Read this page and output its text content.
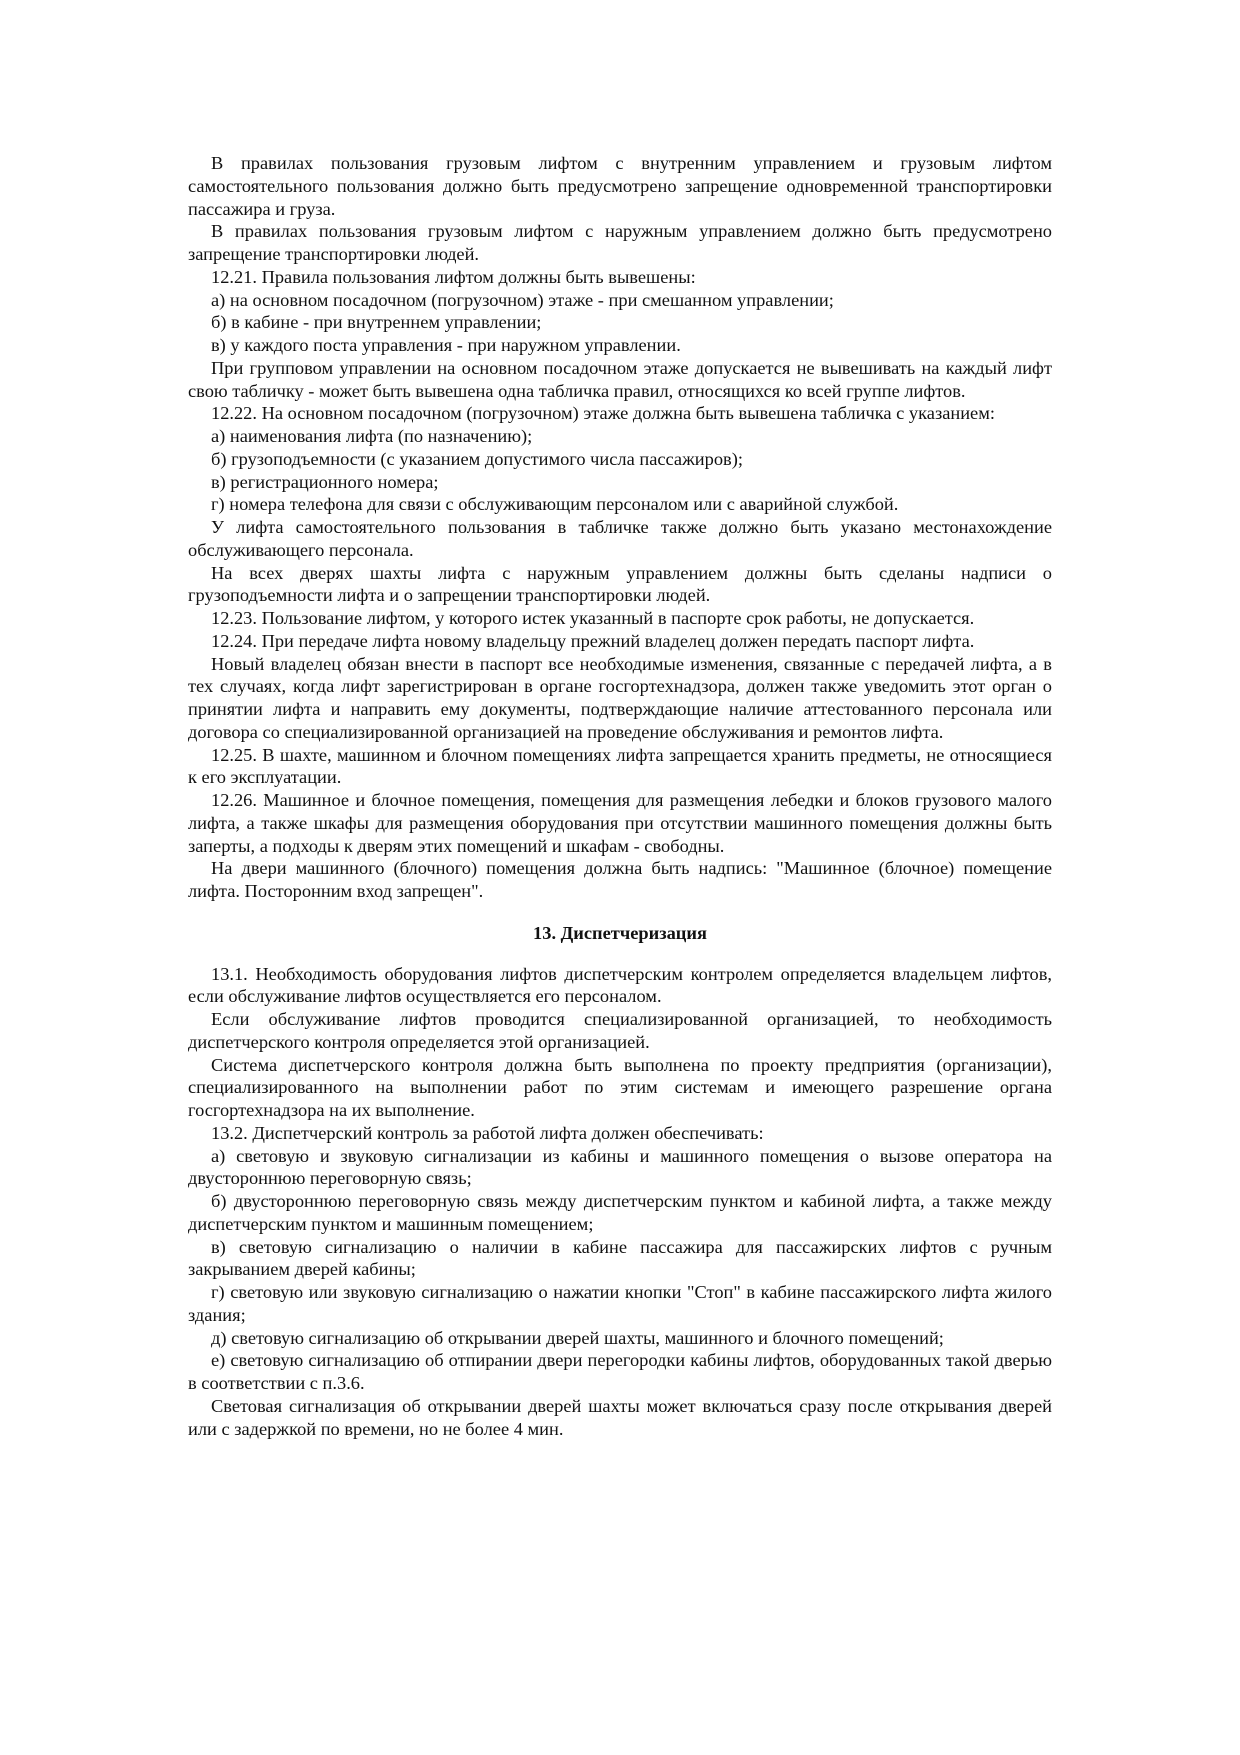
В правилах пользования грузовым лифтом с внутренним управлением и грузовым лифтом самостоятельного пользования должно быть предусмотрено запрещение одновременной транспортировки пассажира и груза.

В правилах пользования грузовым лифтом с наружным управлением должно быть предусмотрено запрещение транспортировки людей.

12.21. Правила пользования лифтом должны быть вывешены:

а) на основном посадочном (погрузочном) этаже - при смешанном управлении;

б) в кабине - при внутреннем управлении;

в) у каждого поста управления - при наружном управлении.

При групповом управлении на основном посадочном этаже допускается не вывешивать на каждый лифт свою табличку - может быть вывешена одна табличка правил, относящихся ко всей группе лифтов.

12.22. На основном посадочном (погрузочном) этаже должна быть вывешена табличка с указанием:

а) наименования лифта (по назначению);

б) грузоподъемности (с указанием допустимого числа пассажиров);

в) регистрационного номера;

г) номера телефона для связи с обслуживающим персоналом или с аварийной службой.

У лифта самостоятельного пользования в табличке также должно быть указано местонахождение обслуживающего персонала.

На всех дверях шахты лифта с наружным управлением должны быть сделаны надписи о грузоподъемности лифта и о запрещении транспортировки людей.

12.23. Пользование лифтом, у которого истек указанный в паспорте срок работы, не допускается.

12.24. При передаче лифта новому владельцу прежний владелец должен передать паспорт лифта.

Новый владелец обязан внести в паспорт все необходимые изменения, связанные с передачей лифта, а в тех случаях, когда лифт зарегистрирован в органе госгортехнадзора, должен также уведомить этот орган о принятии лифта и направить ему документы, подтверждающие наличие аттестованного персонала или договора со специализированной организацией на проведение обслуживания и ремонтов лифта.

12.25. В шахте, машинном и блочном помещениях лифта запрещается хранить предметы, не относящиеся к его эксплуатации.

12.26. Машинное и блочное помещения, помещения для размещения лебедки и блоков грузового малого лифта, а также шкафы для размещения оборудования при отсутствии машинного помещения должны быть заперты, а подходы к дверям этих помещений и шкафам - свободны.

На двери машинного (блочного) помещения должна быть надпись: "Машинное (блочное) помещение лифта. Посторонним вход запрещен".

13. Диспетчеризация

13.1. Необходимость оборудования лифтов диспетчерским контролем определяется владельцем лифтов, если обслуживание лифтов осуществляется его персоналом.

Если обслуживание лифтов проводится специализированной организацией, то необходимость диспетчерского контроля определяется этой организацией.

Система диспетчерского контроля должна быть выполнена по проекту предприятия (организации), специализированного на выполнении работ по этим системам и имеющего разрешение органа госгортехнадзора на их выполнение.

13.2. Диспетчерский контроль за работой лифта должен обеспечивать:

а) световую и звуковую сигнализации из кабины и машинного помещения о вызове оператора на двустороннюю переговорную связь;

б) двустороннюю переговорную связь между диспетчерским пунктом и кабиной лифта, а также между диспетчерским пунктом и машинным помещением;

в) световую сигнализацию о наличии в кабине пассажира для пассажирских лифтов с ручным закрыванием дверей кабины;

г) световую или звуковую сигнализацию о нажатии кнопки "Стоп" в кабине пассажирского лифта жилого здания;

д) световую сигнализацию об открывании дверей шахты, машинного и блочного помещений;

е) световую сигнализацию об отпирании двери перегородки кабины лифтов, оборудованных такой дверью в соответствии с п.3.6.

Световая сигнализация об открывании дверей шахты может включаться сразу после открывания дверей или с задержкой по времени, но не более 4 мин.
